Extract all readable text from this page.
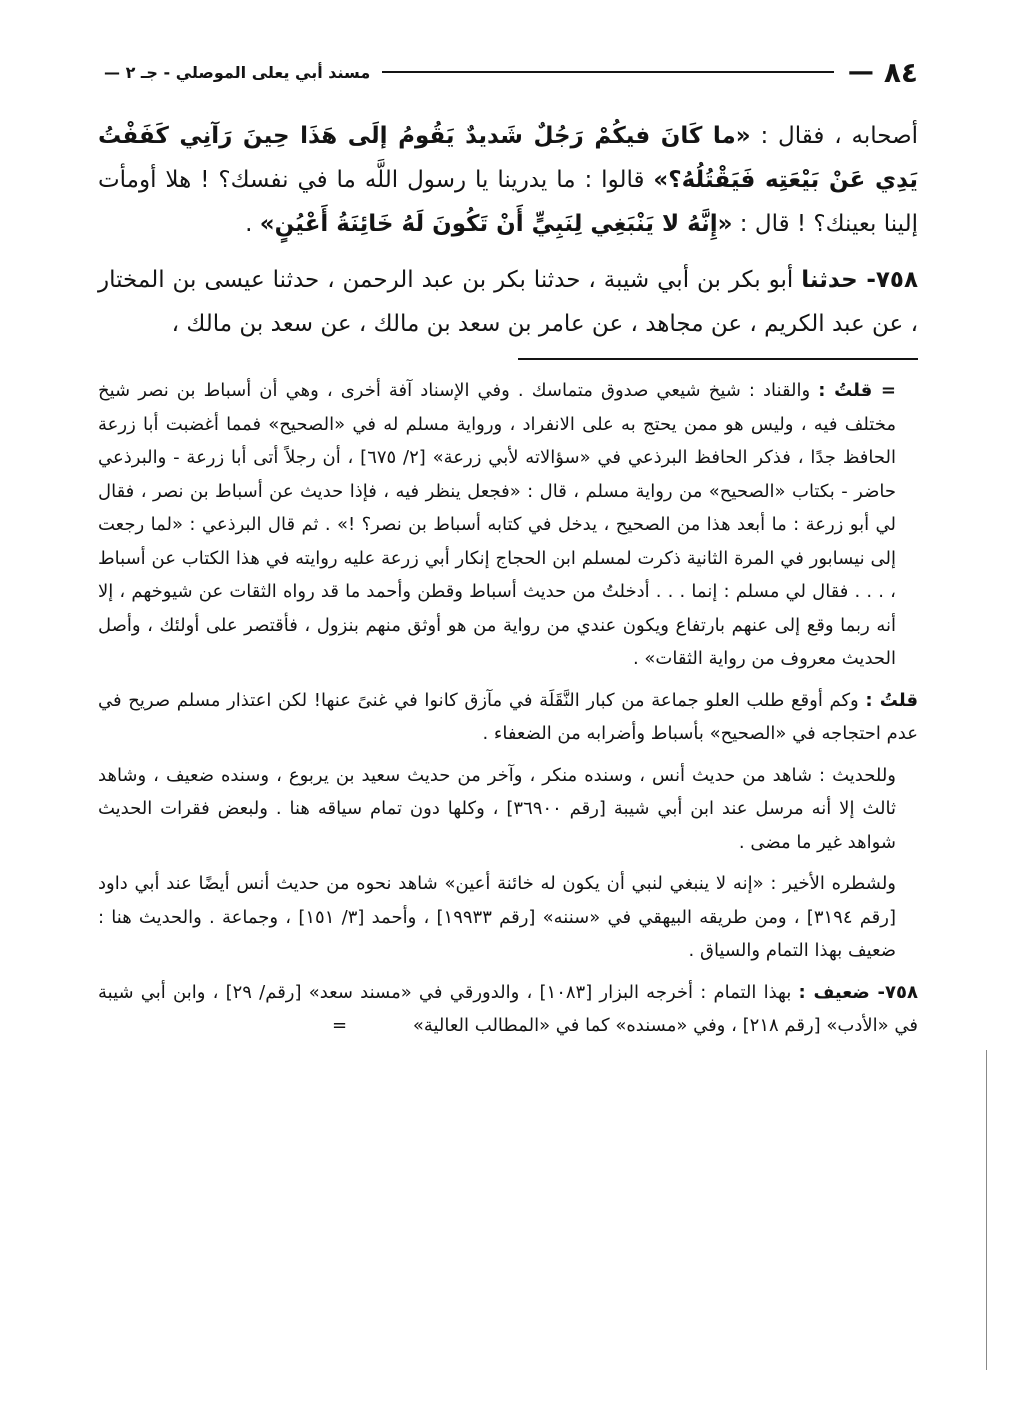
٨٤
—
مسند أبي يعلى الموصلي - جـ ٢ —

أصحابه ، فقال : «ما كَانَ فيكُمْ رَجُلٌ شَديدٌ يَقُومُ إلَى هَذَا حِينَ رَآنِي كَفَفْتُ يَدِي عَنْ بَيْعَتِه فَيَقْتُلُهُ؟» قالوا : ما يدرينا يا رسول اللَّه ما في نفسك؟ ! هلا أومأت إلينا بعينك؟ ! قال : «إِنَّهُ لا يَنْبَغِي لِنَبِيٍّ أَنْ تَكُونَ لَهُ خَائِنَةُ أَعْيُنٍ» .

٧٥٨- حدثنا أبو بكر بن أبي شيبة ، حدثنا بكر بن عبد الرحمن ، حدثنا عيسى بن المختار ، عن عبد الكريم ، عن مجاهد ، عن عامر بن سعد بن مالك ، عن سعد بن مالك ،

= قلتُ : والقناد : شيخ شيعي صدوق متماسك . وفي الإسناد آفة أخرى ، وهي أن أسباط بن نصر شيخ مختلف فيه ، وليس هو ممن يحتج به على الانفراد ، ورواية مسلم له في «الصحيح» فمما أغضبت أبا زرعة الحافظ جدًا ، فذكر الحافظ البرذعي في «سؤالاته لأبي زرعة» [٢/ ٦٧٥] ، أن رجلاً أتى أبا زرعة - والبرذعي حاضر - بكتاب «الصحيح» من رواية مسلم ، قال : «فجعل ينظر فيه ، فإذا حديث عن أسباط بن نصر ، فقال لي أبو زرعة : ما أبعد هذا من الصحيح ، يدخل في كتابه أسباط بن نصر؟ !» . ثم قال البرذعي : «لما رجعت إلى نيسابور في المرة الثانية ذكرت لمسلم ابن الحجاج إنكار أبي زرعة عليه روايته في هذا الكتاب عن أسباط ، . . . فقال لي مسلم : إنما . . . أدخلتُ من حديث أسباط وقطن وأحمد ما قد رواه الثقات عن شيوخهم ، إلا أنه ربما وقع إلى عنهم بارتفاع ويكون عندي من رواية من هو أوثق منهم بنزول ، فأقتصر على أولئك ، وأصل الحديث معروف من رواية الثقات» .

قلتُ : وكم أوقع طلب العلو جماعة من كبار النَّقَلَة في مآزق كانوا في غنىً عنها! لكن اعتذار مسلم صريح في عدم احتجاجه في «الصحيح» بأسباط وأضرابه من الضعفاء .

وللحديث : شاهد من حديث أنس ، وسنده منكر ، وآخر من حديث سعيد بن يربوع ، وسنده ضعيف ، وشاهد ثالث إلا أنه مرسل عند ابن أبي شيبة [رقم ٣٦٩٠٠] ، وكلها دون تمام سياقه هنا . ولبعض فقرات الحديث شواهد غير ما مضى .

ولشطره الأخير : «إنه لا ينبغي لنبي أن يكون له خائنة أعين» شاهد نحوه من حديث أنس أيضًا عند أبي داود [رقم ٣١٩٤] ، ومن طريقه البيهقي في «سننه» [رقم ١٩٩٣٣] ، وأحمد [٣/ ١٥١] ، وجماعة . والحديث هنا : ضعيف بهذا التمام والسياق .

٧٥٨- ضعيف : بهذا التمام : أخرجه البزار [١٠٨٣] ، والدورقي في «مسند سعد» [رقم/ ٢٩] ، وابن أبي شيبة في «الأدب» [رقم ٢١٨] ، وفي «مسنده» كما في «المطالب العالية» =
